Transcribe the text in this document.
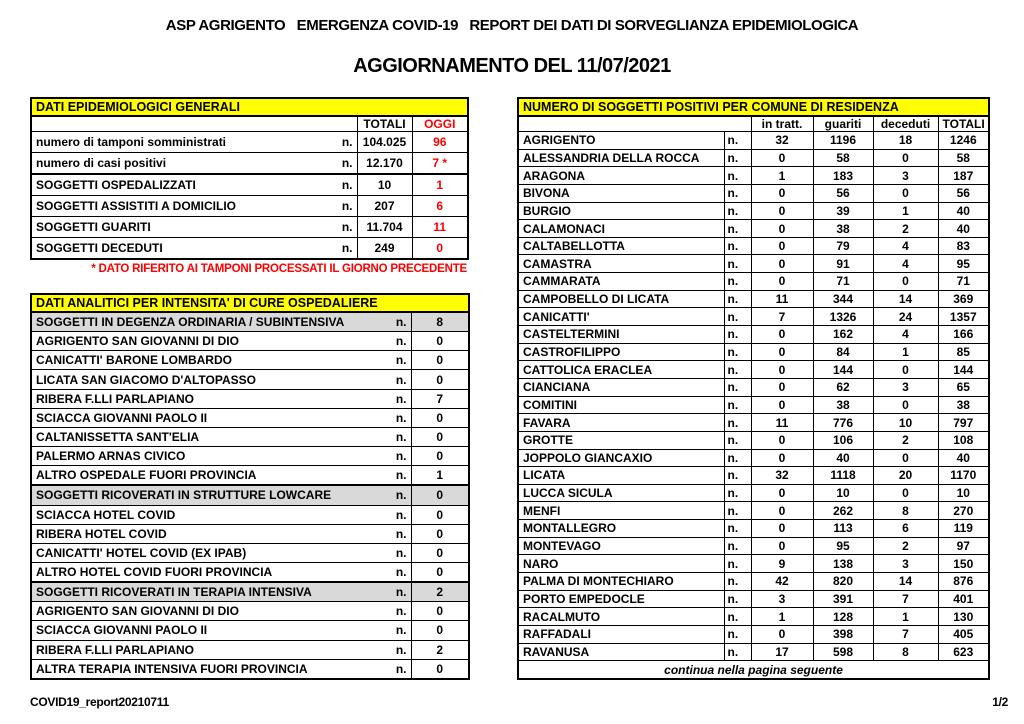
ASP AGRIGENTO   EMERGENZA COVID-19   REPORT DEI DATI DI SORVEGLIANZA EPIDEMIOLOGICA
AGGIORNAMENTO DEL 11/07/2021
DATI EPIDEMIOLOGICI GENERALI		
	TOTALI	OGGI
numero di tamponi somministrati n.	104.025	96
numero di casi positivi n.	12.170	7 *

SOGGETTI OSPEDALIZZATI n.	10	1
SOGGETTI ASSISTITI A DOMICILIO n.	207	6
SOGGETTI GUARITI n.	11.704	11
SOGGETTI DECEDUTI n.	249	0
* DATO RIFERITO AI TAMPONI PROCESSATI IL GIORNO PRECEDENTE
DATI ANALITICI PER INTENSITA' DI CURE OSPEDALIERE	
SOGGETTI IN DEGENZA ORDINARIA / SUBINTENSIVA n.	8
AGRIGENTO SAN GIOVANNI DI DIO n.	0
CANICATTI' BARONE LOMBARDO n.	0
LICATA SAN GIACOMO D'ALTOPASSO n.	0
RIBERA F.LLI PARLAPIANO n.	7
SCIACCA GIOVANNI PAOLO II n.	0
CALTANISSETTA SANT'ELIA n.	0
PALERMO ARNAS CIVICO n.	0
ALTRO OSPEDALE FUORI PROVINCIA n.	1

SOGGETTI RICOVERATI IN STRUTTURE LOWCARE n.	0
SCIACCA HOTEL COVID n.	0
RIBERA HOTEL COVID n.	0
CANICATTI' HOTEL COVID (EX IPAB) n.	0
ALTRO HOTEL COVID FUORI PROVINCIA n.	0

SOGGETTI RICOVERATI IN TERAPIA INTENSIVA n.	2
AGRIGENTO SAN GIOVANNI DI DIO n.	0
SCIACCA GIOVANNI PAOLO II n.	0
RIBERA F.LLI PARLAPIANO n.	2
ALTRA TERAPIA INTENSIVA FUORI PROVINCIA n.	0
NUMERO DI SOGGETTI POSITIVI PER COMUNE DI RESIDENZA					
		in tratt.	guariti	deceduti	TOTALI
AGRIGENTO	n.	32	1196	18	1246
ALESSANDRIA DELLA ROCCA	n.	0	58	0	58
ARAGONA	n.	1	183	3	187
BIVONA	n.	0	56	0	56
BURGIO	n.	0	39	1	40
CALAMONACI	n.	0	38	2	40
CALTABELLOTTA	n.	0	79	4	83
CAMASTRA	n.	0	91	4	95
CAMMARATA	n.	0	71	0	71
CAMPOBELLO DI LICATA	n.	11	344	14	369
CANICATTI'	n.	7	1326	24	1357
CASTELTERMINI	n.	0	162	4	166
CASTROFILIPPO	n.	0	84	1	85
CATTOLICA ERACLEA	n.	0	144	0	144
CIANCIANA	n.	0	62	3	65
COMITINI	n.	0	38	0	38
FAVARA	n.	11	776	10	797
GROTTE	n.	0	106	2	108
JOPPOLO GIANCAXIO	n.	0	40	0	40
LICATA	n.	32	1118	20	1170
LUCCA SICULA	n.	0	10	0	10
MENFI	n.	0	262	8	270
MONTALLEGRO	n.	0	113	6	119
MONTEVAGO	n.	0	95	2	97
NARO	n.	9	138	3	150
PALMA DI MONTECHIARO	n.	42	820	14	876
PORTO EMPEDOCLE	n.	3	391	7	401
RACALMUTO	n.	1	128	1	130
RAFFADALI	n.	0	398	7	405
RAVANUSA	n.	17	598	8	623
continua nella pagina seguente					
COVID19_report20210711	1/2
